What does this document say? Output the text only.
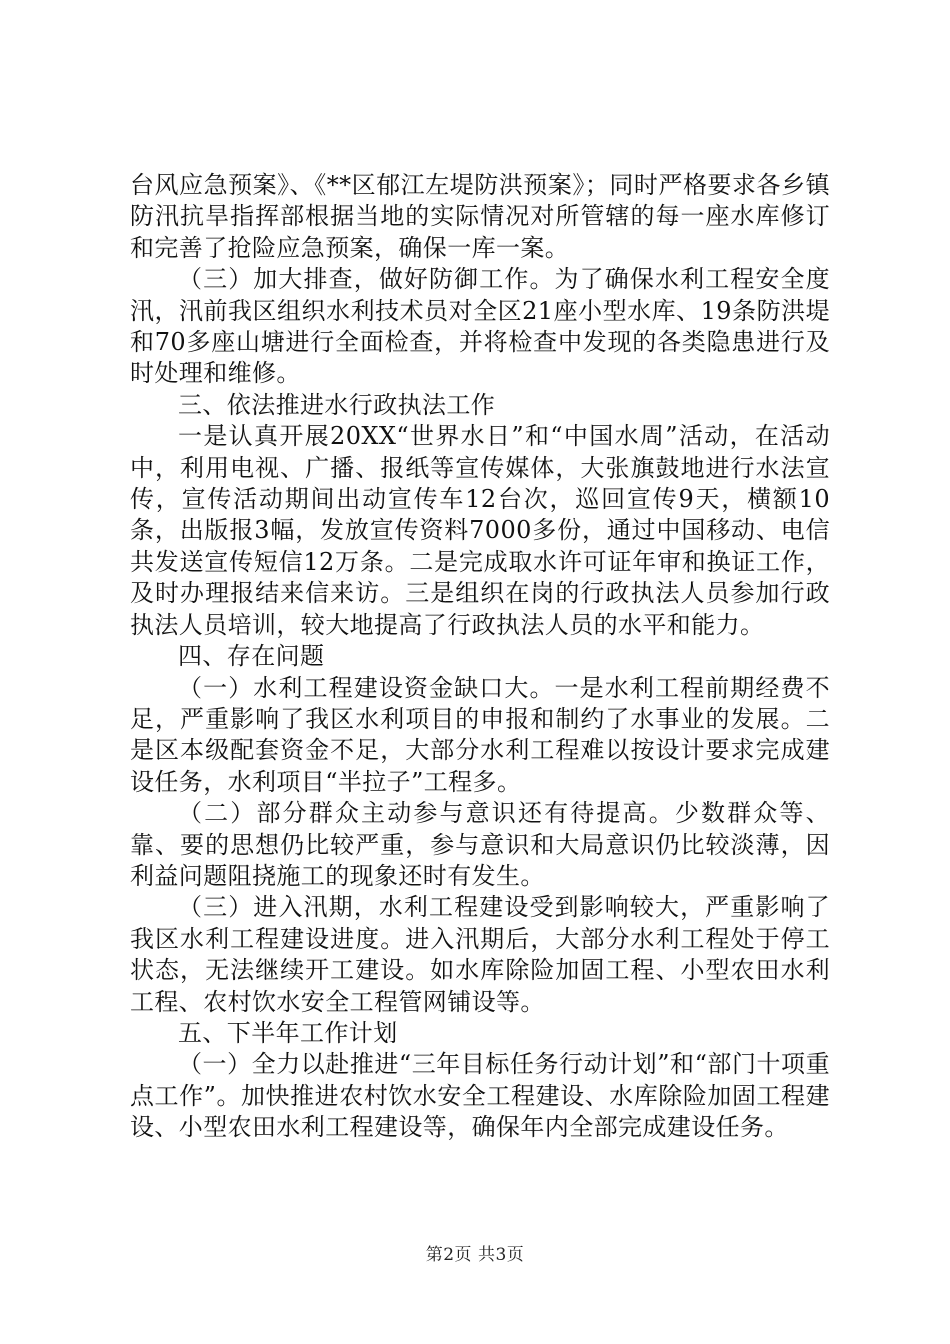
台风应急预案》、《**区郁江左堤防洪预案》；同时严格要求各乡镇防汛抗旱指挥部根据当地的实际情况对所管辖的每一座水库修订和完善了抢险应急预案，确保一库一案。

（三）加大排查，做好防御工作。为了确保水利工程安全度汛，汛前我区组织水利技术员对全区21座小型水库、19条防洪堤和70多座山塘进行全面检查，并将检查中发现的各类隐患进行及时处理和维修。

三、依法推进水行政执法工作

一是认真开展20XX“世界水日”和“中国水周”活动，在活动中，利用电视、广播、报纸等宣传媒体，大张旗鼓地进行水法宣传，宣传活动期间出动宣传车12台次，巡回宣传9天，横额10条，出版报3幅，发放宣传资料7000多份，通过中国移动、电信共发送宣传短信12万条。二是完成取水许可证年审和换证工作，及时办理报结来信来访。三是组织在岗的行政执法人员参加行政执法人员培训，较大地提高了行政执法人员的水平和能力。

四、存在问题

（一）水利工程建设资金缺口大。一是水利工程前期经费不足，严重影响了我区水利项目的申报和制约了水事业的发展。二是区本级配套资金不足，大部分水利工程难以按设计要求完成建设任务，水利项目“半拉子”工程多。

（二）部分群众主动参与意识还有待提高。少数群众等、靠、要的思想仍比较严重，参与意识和大局意识仍比较淡薄，因利益问题阻挠施工的现象还时有发生。

（三）进入汛期，水利工程建设受到影响较大，严重影响了我区水利工程建设进度。进入汛期后，大部分水利工程处于停工状态，无法继续开工建设。如水库除险加固工程、小型农田水利工程、农村饮水安全工程管网铺设等。

五、下半年工作计划

（一）全力以赴推进“三年目标任务行动计划”和“部门十项重点工作”。加快推进农村饮水安全工程建设、水库除险加固工程建设、小型农田水利工程建设等，确保年内全部完成建设任务。

第2页 共3页
